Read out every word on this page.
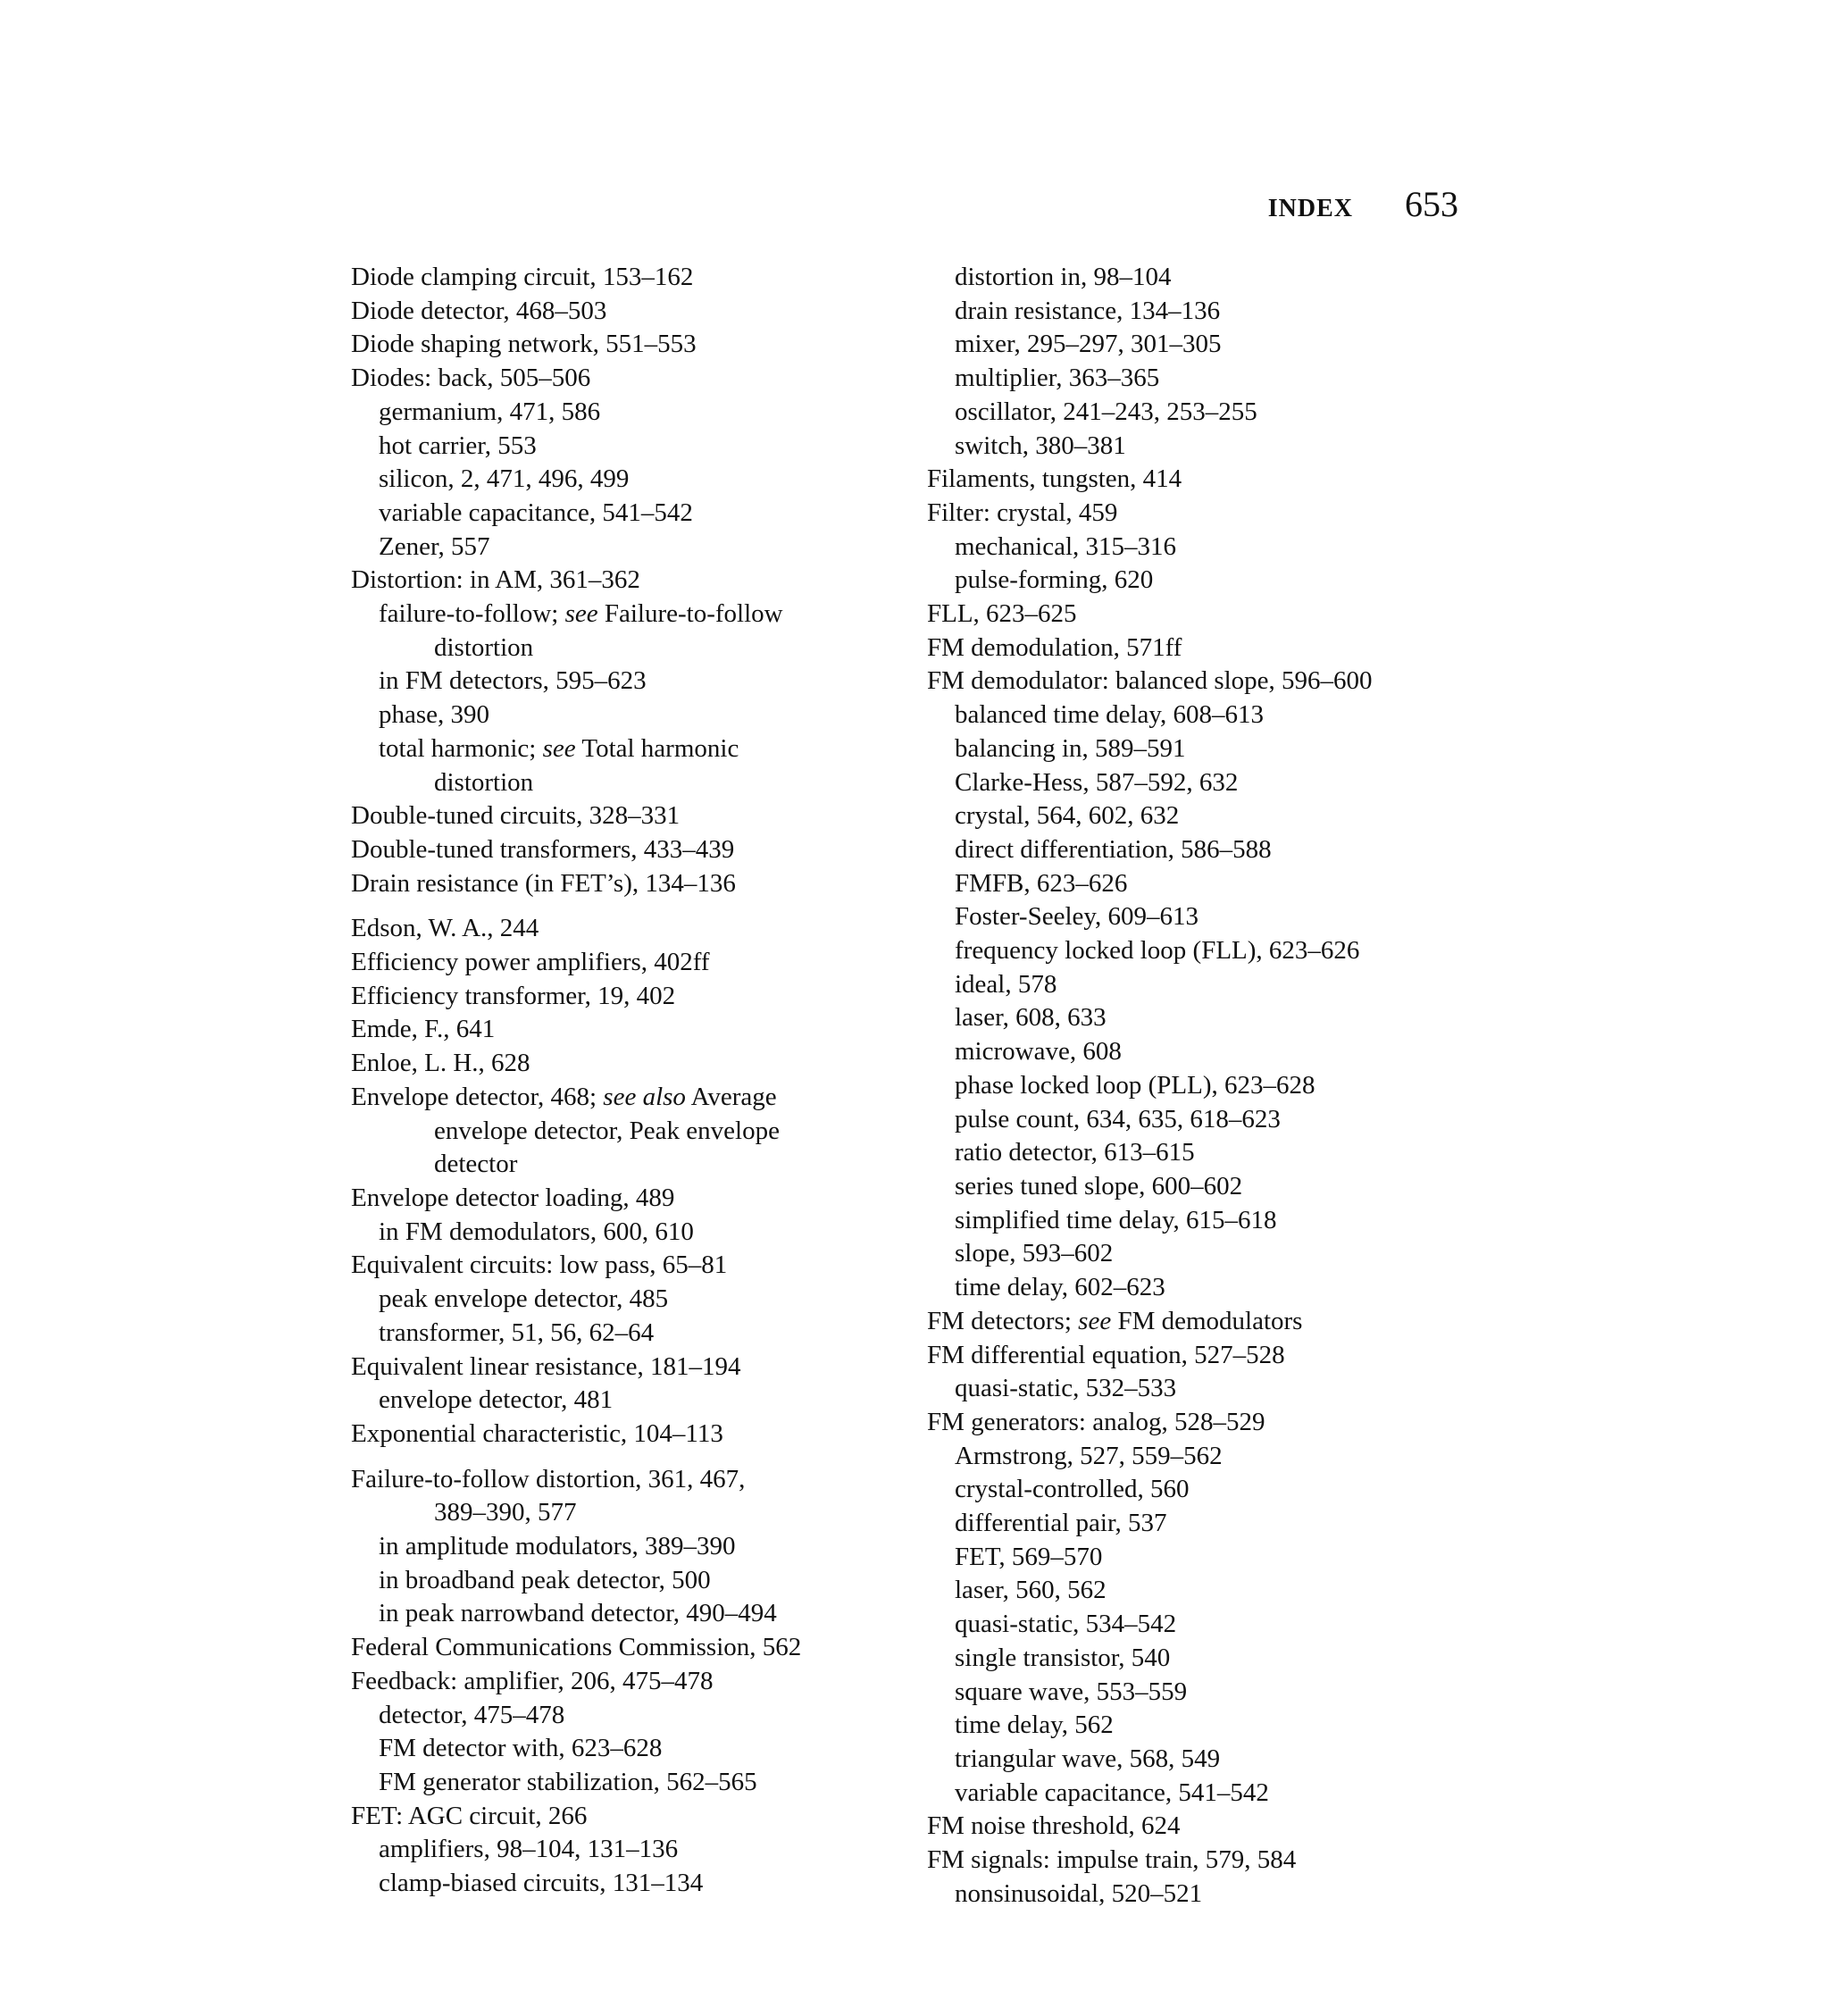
INDEX 653
Diode clamping circuit, 153–162
Diode detector, 468–503
Diode shaping network, 551–553
Diodes: back, 505–506
germanium, 471, 586
hot carrier, 553
silicon, 2, 471, 496, 499
variable capacitance, 541–542
Zener, 557
Distortion: in AM, 361–362
failure-to-follow; see Failure-to-follow
distortion
in FM detectors, 595–623
phase, 390
total harmonic; see Total harmonic
distortion
Double-tuned circuits, 328–331
Double-tuned transformers, 433–439
Drain resistance (in FET’s), 134–136
Edson, W. A., 244
Efficiency power amplifiers, 402ff
Efficiency transformer, 19, 402
Emde, F., 641
Enloe, L. H., 628
Envelope detector, 468; see also Average
envelope detector, Peak envelope
detector
Envelope detector loading, 489
in FM demodulators, 600, 610
Equivalent circuits: low pass, 65–81
peak envelope detector, 485
transformer, 51, 56, 62–64
Equivalent linear resistance, 181–194
envelope detector, 481
Exponential characteristic, 104–113
Failure-to-follow distortion, 361, 467,
389–390, 577
in amplitude modulators, 389–390
in broadband peak detector, 500
in peak narrowband detector, 490–494
Federal Communications Commission, 562
Feedback: amplifier, 206, 475–478
detector, 475–478
FM detector with, 623–628
FM generator stabilization, 562–565
FET: AGC circuit, 266
amplifiers, 98–104, 131–136
clamp-biased circuits, 131–134
distortion in, 98–104
drain resistance, 134–136
mixer, 295–297, 301–305
multiplier, 363–365
oscillator, 241–243, 253–255
switch, 380–381
Filaments, tungsten, 414
Filter: crystal, 459
mechanical, 315–316
pulse-forming, 620
FLL, 623–625
FM demodulation, 571ff
FM demodulator: balanced slope, 596–600
balanced time delay, 608–613
balancing in, 589–591
Clarke-Hess, 587–592, 632
crystal, 564, 602, 632
direct differentiation, 586–588
FMFB, 623–626
Foster-Seeley, 609–613
frequency locked loop (FLL), 623–626
ideal, 578
laser, 608, 633
microwave, 608
phase locked loop (PLL), 623–628
pulse count, 634, 635, 618–623
ratio detector, 613–615
series tuned slope, 600–602
simplified time delay, 615–618
slope, 593–602
time delay, 602–623
FM detectors; see FM demodulators
FM differential equation, 527–528
quasi-static, 532–533
FM generators: analog, 528–529
Armstrong, 527, 559–562
crystal-controlled, 560
differential pair, 537
FET, 569–570
laser, 560, 562
quasi-static, 534–542
single transistor, 540
square wave, 553–559
time delay, 562
triangular wave, 568, 549
variable capacitance, 541–542
FM noise threshold, 624
FM signals: impulse train, 579, 584
nonsinusoidal, 520–521
